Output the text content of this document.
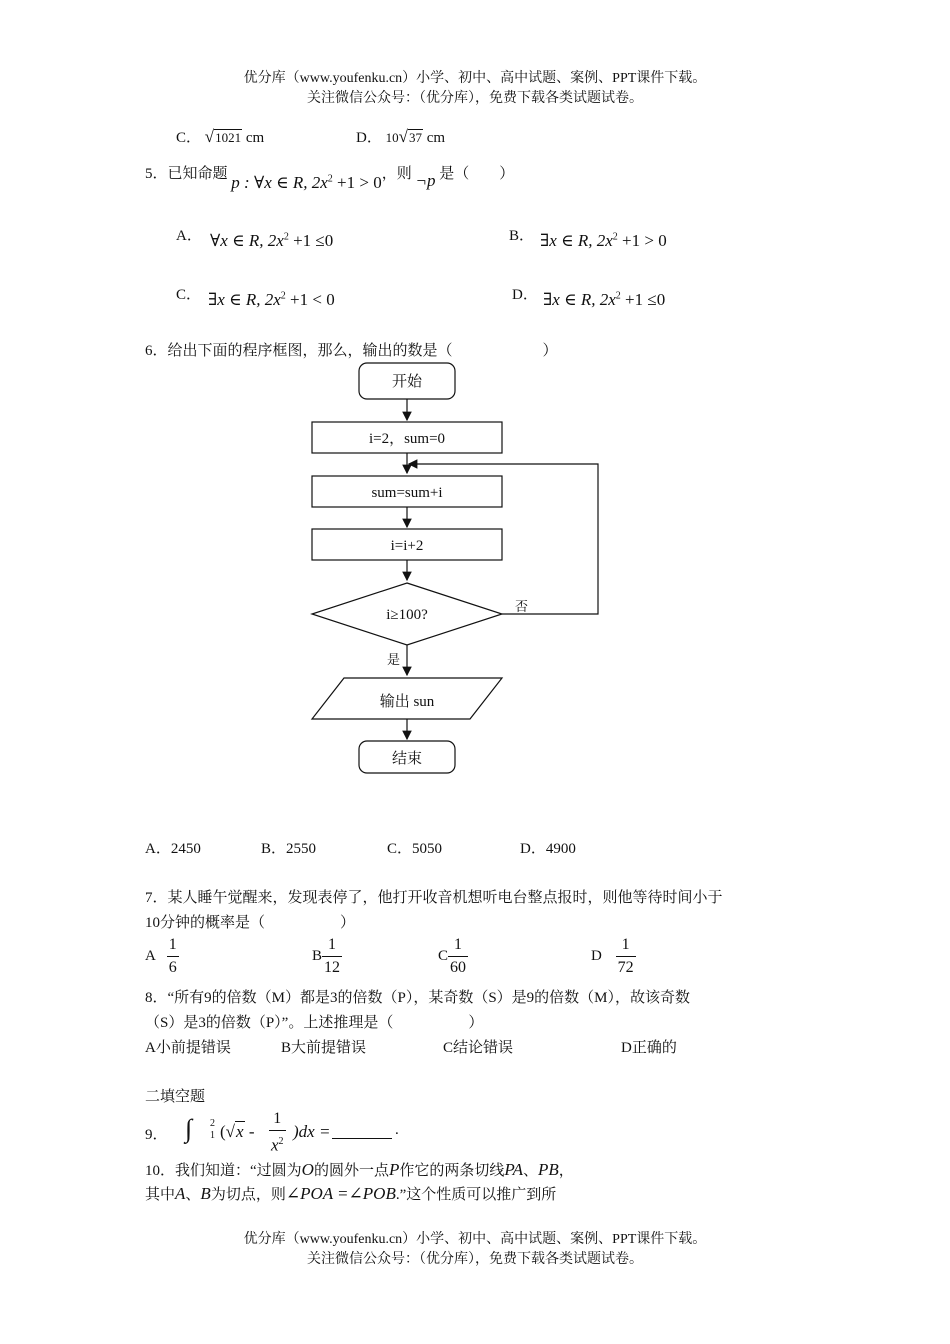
优分库（www.youfenku.cn）小学、初中、高中试题、案例、PPT课件下载。
关注微信公众号：（优分库），免费下载各类试题试卷。
C． √1021 cm	D． 10√37 cm
5．已知命题 p : ∀x ∈ R, $2x^2 +1 > 0$，则 ¬p 是（　　）
A． ∀x ∈ R, $2x^2 +1 \le 0$	B． ∃x ∈ R, $2x^2 +1 > 0$
C． ∃x ∈ R, $2x^2 +1 < 0$	D． ∃x ∈ R, $2x^2 +1 \le 0$
6．给出下面的程序框图，那么，输出的数是（　　　　　　）
开始
i=2，sum=0
sum=sum+i
i=i+2
i≥100?
输出 sun
结束
否
是
A．2450	B．2550	C．5050	D．4900
7．某人睡午觉醒来，发现表停了，他打开收音机想听电台整点报时，则他等待时间小于
10分钟的概率是（　　　　　）
A $\frac{1}{6}$	B $\frac{1}{12}$	C $\frac{1}{60}$	D $\frac{1}{72}$
8．“所有9的倍数（M）都是3的倍数（P），某奇数（S）是9的倍数（M），故该奇数
（S）是3的倍数（P）”。上述推理是（　　　　　）
A小前提错误	B大前提错误	C结论错误	D正确的
二填空题
9． ∫ 2
1 $(√x - \frac{1}{x^2} )dx$ =	.
10．我们知道：“过圆为O的圆外一点P作它的两条切线PA、PB，
其中A、B为切点，则∠POA =∠POB.”这个性质可以推广到所
优分库（www.youfenku.cn）小学、初中、高中试题、案例、PPT课件下载。
关注微信公众号：（优分库），免费下载各类试题试卷。
